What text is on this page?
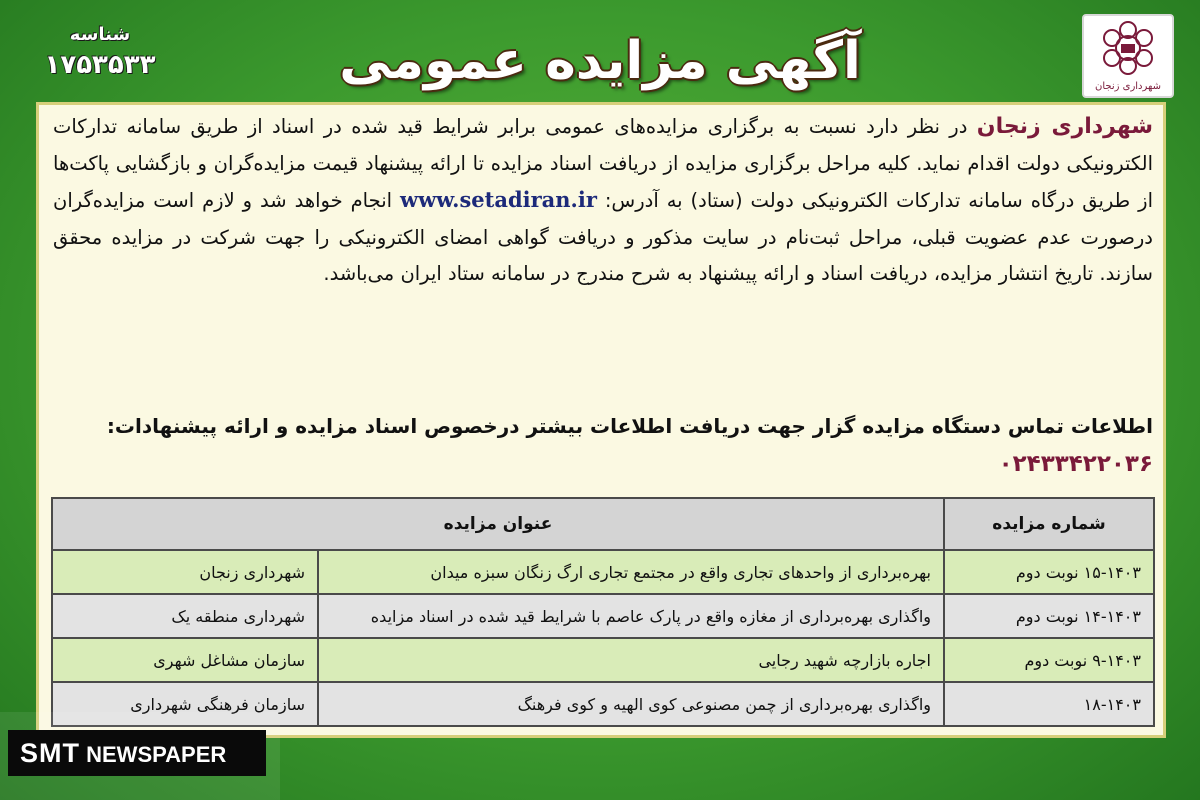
شناسه
۱۷۵۳۵۳۳	آگهی مزایده عمومی	شهرداری زنجان

شهرداری زنجان در نظر دارد نسبت به برگزاری مزایده‌های عمومی برابر شرایط قید شده در اسناد از طریق سامانه تدارکات الکترونیکی دولت اقدام نماید. کلیه مراحل برگزاری مزایده از دریافت اسناد مزایده تا ارائه پیشنهاد قیمت مزایده‌گران و بازگشایی پاکت‌ها از طریق درگاه سامانه تدارکات الکترونیکی دولت (ستاد) به آدرس: www.setadiran.ir انجام خواهد شد و لازم است مزایده‌گران درصورت عدم عضویت قبلی، مراحل ثبت‌نام در سایت مذکور و دریافت گواهی امضای الکترونیکی را جهت شرکت در مزایده محقق سازند. تاریخ انتشار مزایده، دریافت اسناد و ارائه پیشنهاد به شرح مندرج در سامانه ستاد ایران می‌باشد.

اطلاعات تماس دستگاه مزایده گزار جهت دریافت اطلاعات بیشتر درخصوص اسناد مزایده و ارائه پیشنهادات: ۰۲۴۳۳۴۲۲۰۳۶

شماره مزایده	عنوان مزایده	
۱۵-۱۴۰۳ نوبت دوم	بهره‌برداری از واحدهای تجاری واقع در مجتمع تجاری ارگ زنگان سبزه میدان	شهرداری زنجان
۱۴-۱۴۰۳ نوبت دوم	واگذاری بهره‌برداری از مغازه واقع در پارک عاصم با شرایط قید شده در اسناد مزایده	شهرداری منطقه یک
۹-۱۴۰۳ نوبت دوم	اجاره بازارچه شهید رجایی	سازمان مشاغل شهری
۱۸-۱۴۰۳	واگذاری بهره‌برداری از چمن مصنوعی کوی الهیه و کوی فرهنگ	سازمان فرهنگی شهرداری
SMT NEWSPAPER
